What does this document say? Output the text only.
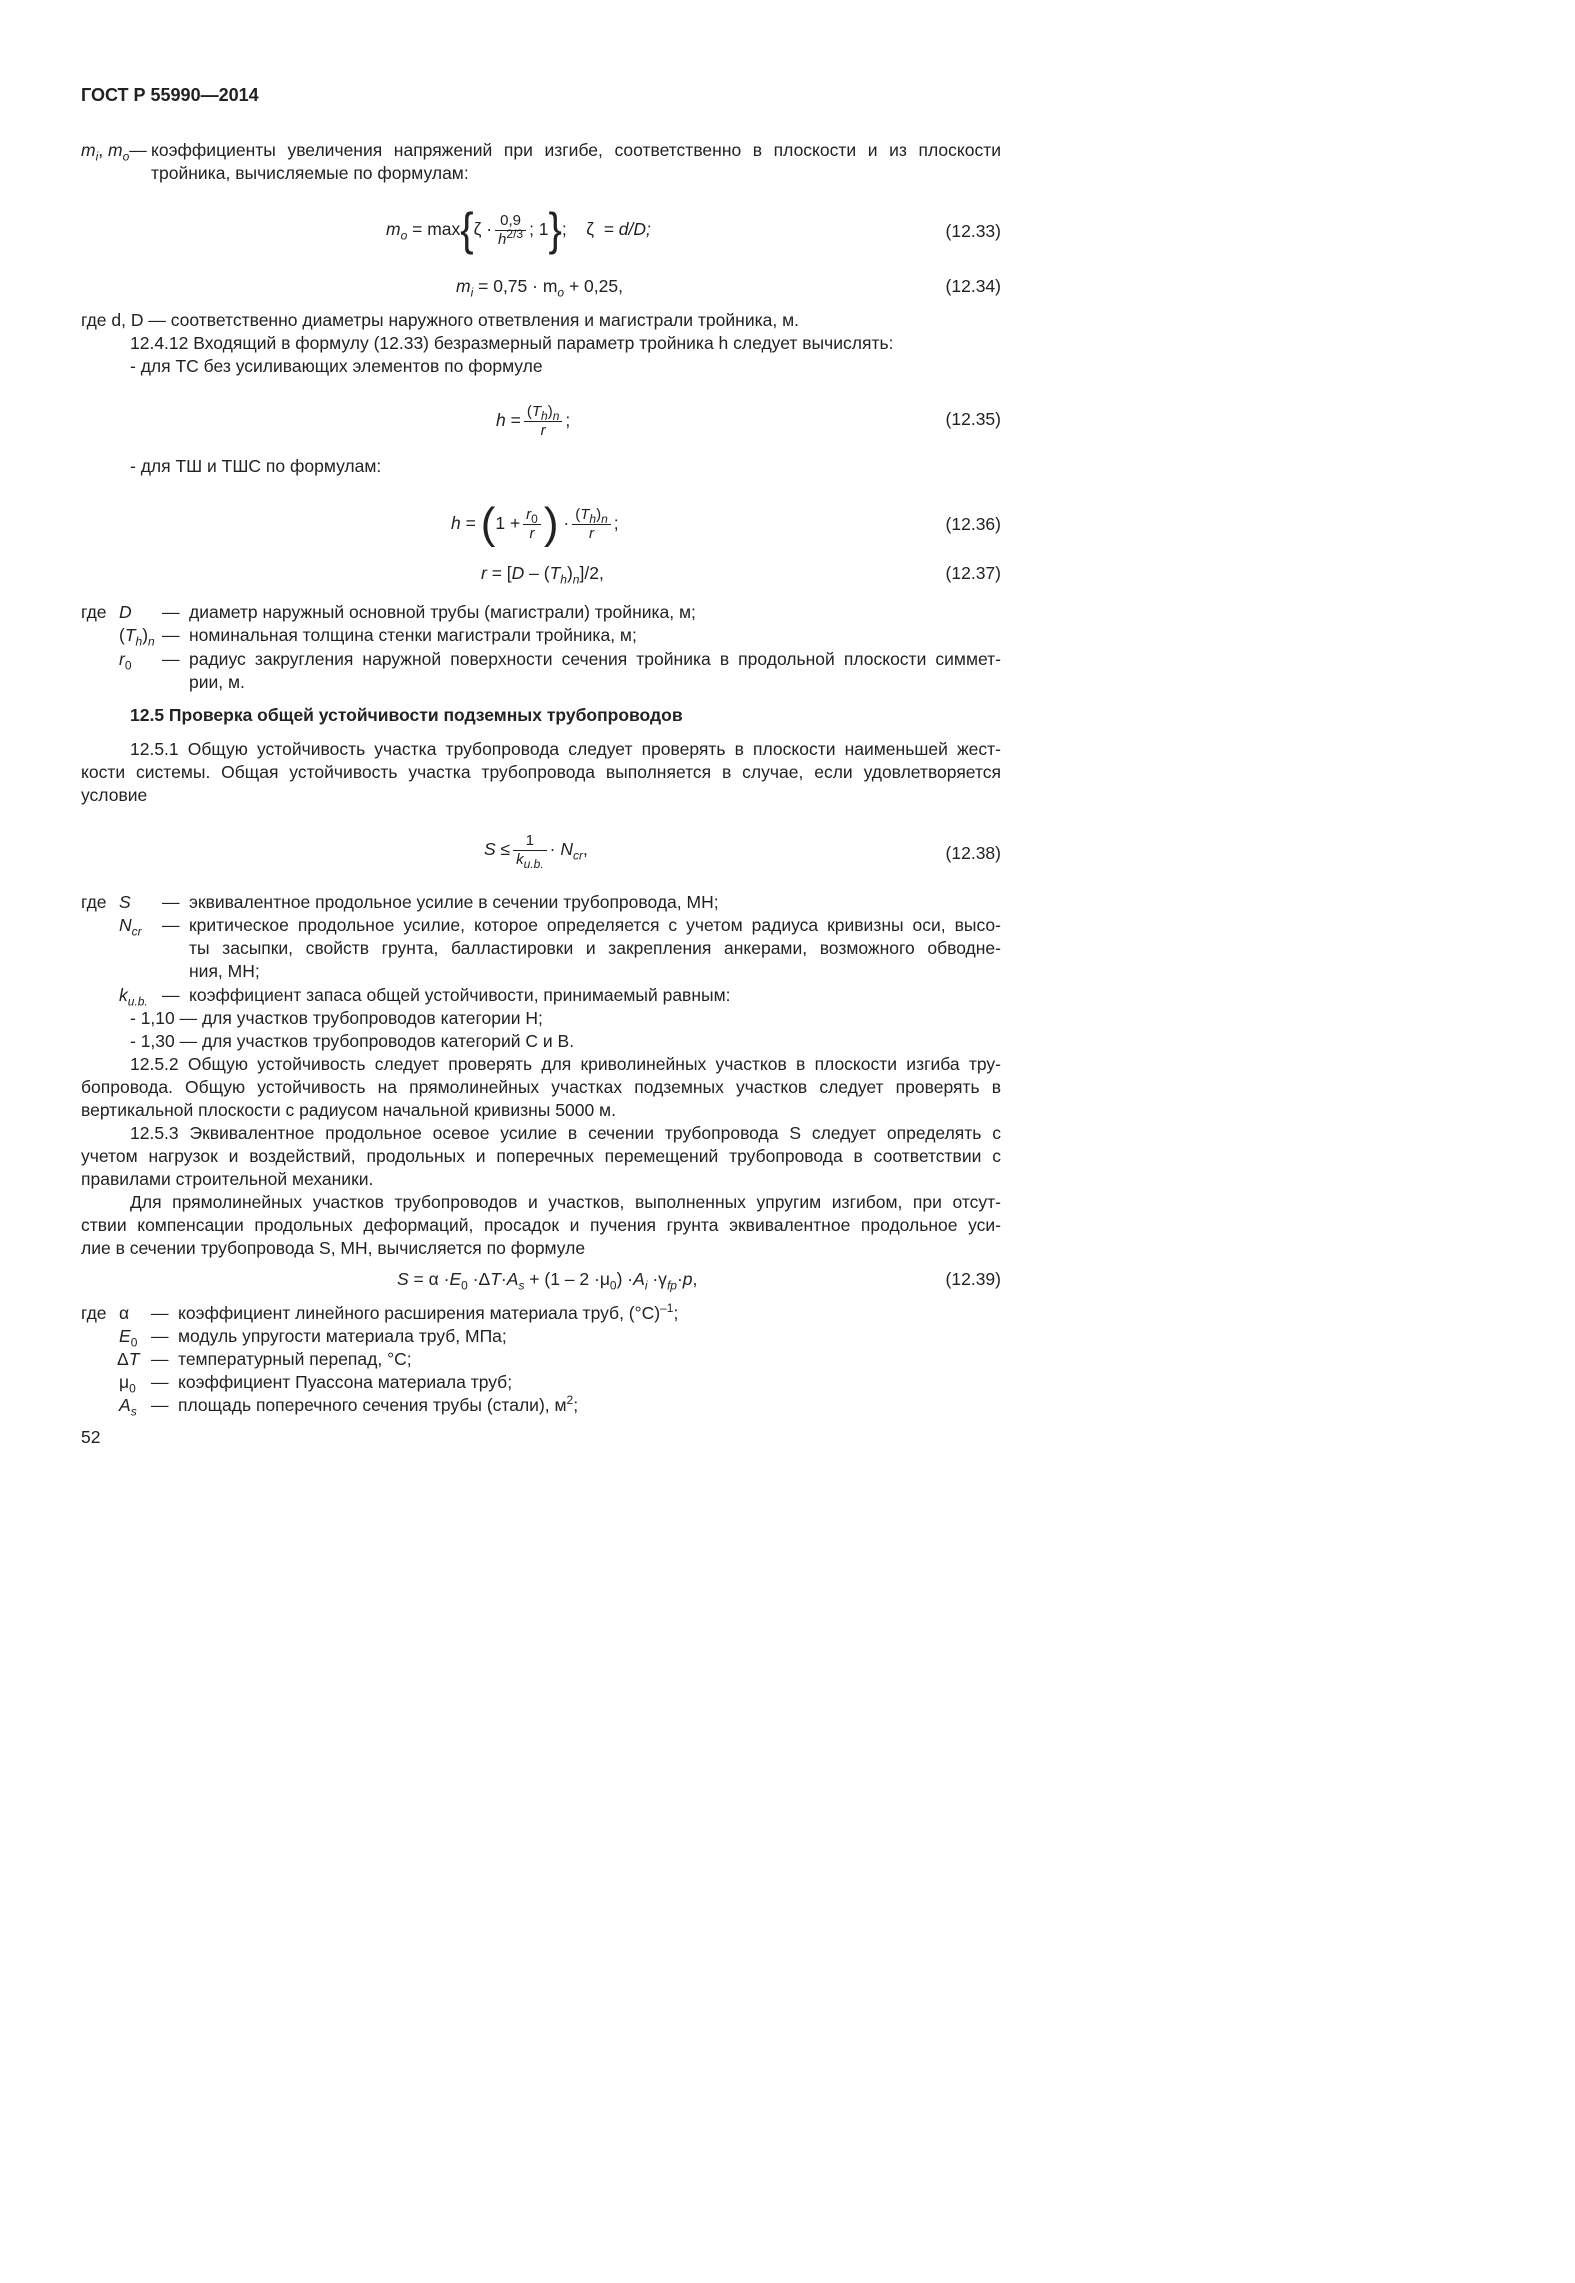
ГОСТ Р 55990—2014
$m_i$, $m_o—$ коэффициенты увеличения напряжений при изгибе, соответственно в плоскости и из плоскости
тройника, вычисляемые по формулам:
$m_o = \max\{\zeta \cdot \frac{0,9}{h^{2/3}}$ ; 1};    ζ  = d/D;	(12.33)
$m_i = 0,75 \cdot m_o + 0,25$,	(12.34)
где d, D — соответственно диаметры наружного ответвления и магистрали тройника, м.
12.4.12 Входящий в формулу (12.33) безразмерный параметр тройника h следует вычислять:
- для ТС без усиливающих элементов по формуле
$h = \frac{(T_h)_n}{r}$ ;	(12.35)
- для ТШ и ТШС по формулам:
$h = (1 + \frac{r_0}{r}$ ) · $\frac{(T_h)_n}{r}$ ;	(12.36)
$r = [D - (T_h)_n]/2$,	(12.37)
где D — диаметр наружный основной трубы (магистрали) тройника, м;
$(T_h)_n$ — номинальная толщина стенки магистрали тройника, м;
$r_0$ — радиус закругления наружной поверхности сечения тройника в продольной плоскости симмет-
рии, м.
12.5 Проверка общей устойчивости подземных трубопроводов
12.5.1 Общую устойчивость участка трубопровода следует проверять в плоскости наименьшей жест-
кости системы. Общая устойчивость участка трубопровода выполняется в случае, если удовлетворяется
условие
$S \le \frac{1}{k_{u.b.}} \cdot N_{cr}$,	(12.38)
где S — эквивалентное продольное усилие в сечении трубопровода, МН;
$N_{cr}$ — критическое продольное усилие, которое определяется с учетом радиуса кривизны оси, высо-
ты засыпки, свойств грунта, балластировки и закрепления анкерами, возможного обводне-
ния, МН;
$k_{u.b.}$ — коэффициент запаса общей устойчивости, принимаемый равным:
- 1,10 — для участков трубопроводов категории Н;
- 1,30 — для участков трубопроводов категорий С и В.
12.5.2 Общую устойчивость следует проверять для криволинейных участков в плоскости изгиба тру-
бопровода. Общую устойчивость на прямолинейных участках подземных участков следует проверять в
вертикальной плоскости с радиусом начальной кривизны 5000 м.
12.5.3 Эквивалентное продольное осевое усилие в сечении трубопровода S следует определять с
учетом нагрузок и воздействий, продольных и поперечных перемещений трубопровода в соответствии с
правилами строительной механики.
Для прямолинейных участков трубопроводов и участков, выполненных упругим изгибом, при отсут-
ствии компенсации продольных деформаций, просадок и пучения грунта эквивалентное продольное уси-
лие в сечении трубопровода S, МН, вычисляется по формуле
$S = \alpha \cdot E_0 \cdot\Delta T\cdot A_s + (1 - 2 \cdot\mu_0) \cdot A_i \cdot\gamma_{fp}\cdot p$,	(12.39)
где α — коэффициент линейного расширения материала труб, $(^\circ С)^{-1}$;
$E_0$ — модуль упругости материала труб, МПа;
ΔT — температурный перепад, °С;
$\mu_0$ — коэффициент Пуассона материала труб;
$A_s$ — площадь поперечного сечения трубы (стали), $м^2$;
52
